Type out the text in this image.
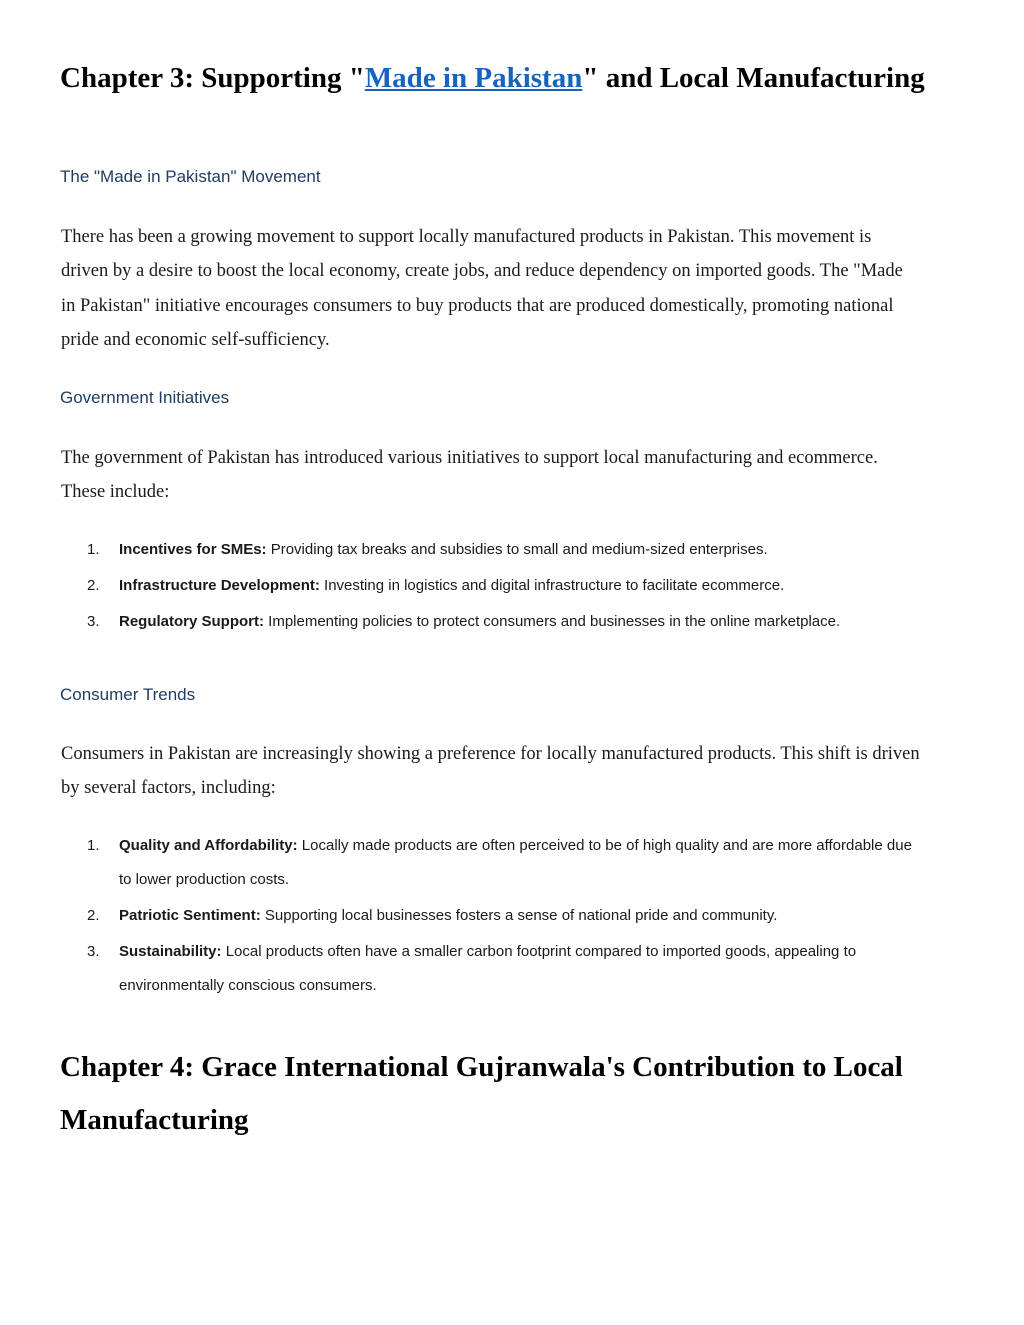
Chapter 3: Supporting "Made in Pakistan" and Local Manufacturing
The "Made in Pakistan" Movement

There has been a growing movement to support locally manufactured products in Pakistan. This movement is driven by a desire to boost the local economy, create jobs, and reduce dependency on imported goods. The "Made in Pakistan" initiative encourages consumers to buy products that are produced domestically, promoting national pride and economic self-sufficiency.

Government Initiatives

The government of Pakistan has introduced various initiatives to support local manufacturing and ecommerce. These include:

1. Incentives for SMEs: Providing tax breaks and subsidies to small and medium-sized enterprises.
2. Infrastructure Development: Investing in logistics and digital infrastructure to facilitate ecommerce.
3. Regulatory Support: Implementing policies to protect consumers and businesses in the online marketplace.
Consumer Trends

Consumers in Pakistan are increasingly showing a preference for locally manufactured products. This shift is driven by several factors, including:

1. Quality and Affordability: Locally made products are often perceived to be of high quality and are more affordable due to lower production costs.
2. Patriotic Sentiment: Supporting local businesses fosters a sense of national pride and community.
3. Sustainability: Local products often have a smaller carbon footprint compared to imported goods, appealing to environmentally conscious consumers.
Chapter 4: Grace International Gujranwala's Contribution to Local Manufacturing
